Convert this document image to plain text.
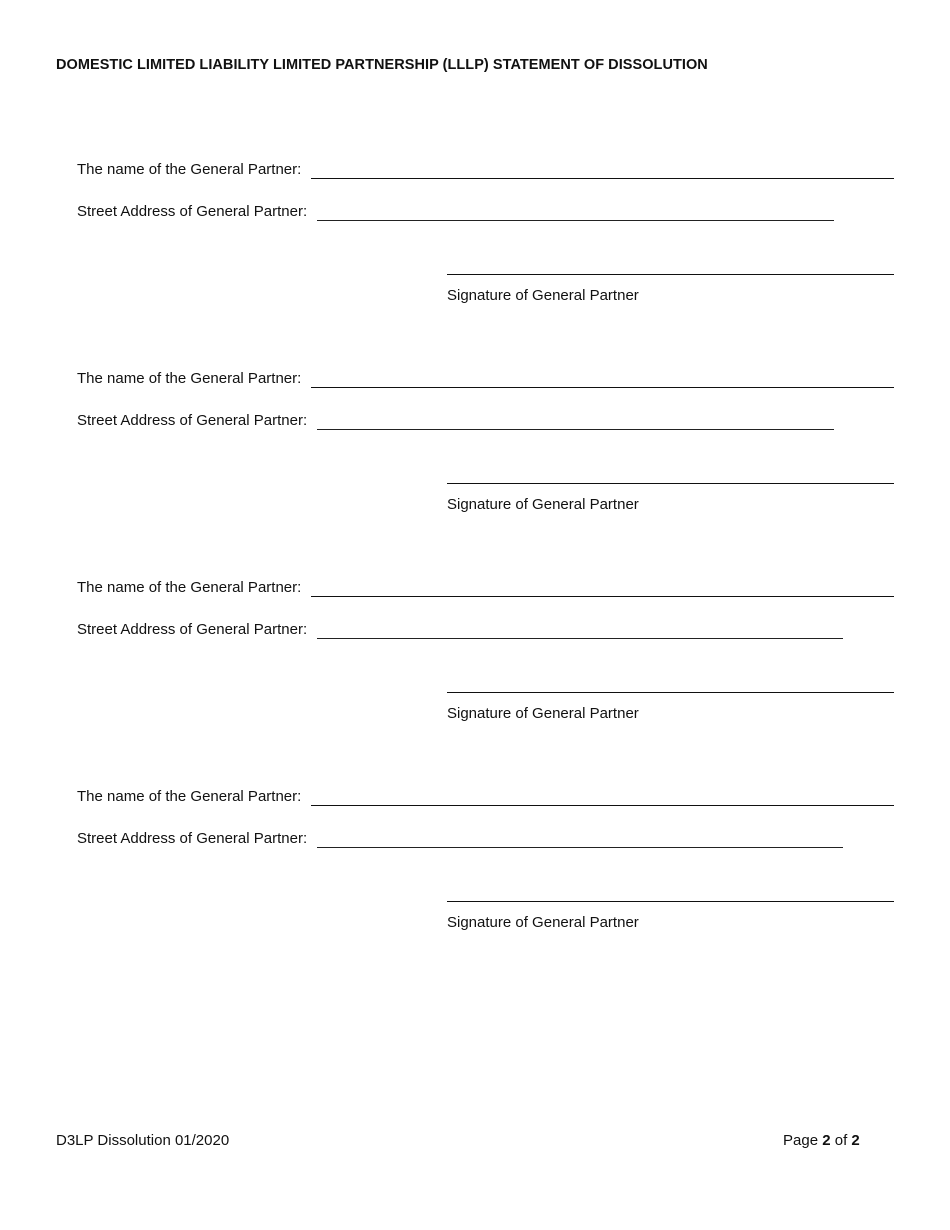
DOMESTIC LIMITED LIABILITY LIMITED PARTNERSHIP (LLLP) STATEMENT OF DISSOLUTION
The name of the General Partner:
Street Address of General Partner:
Signature of General Partner
The name of the General Partner:
Street Address of General Partner:
Signature of General Partner
The name of the General Partner:
Street Address of General Partner:
Signature of General Partner
The name of the General Partner:
Street Address of General Partner:
Signature of General Partner
D3LP Dissolution 01/2020	Page 2 of 2
